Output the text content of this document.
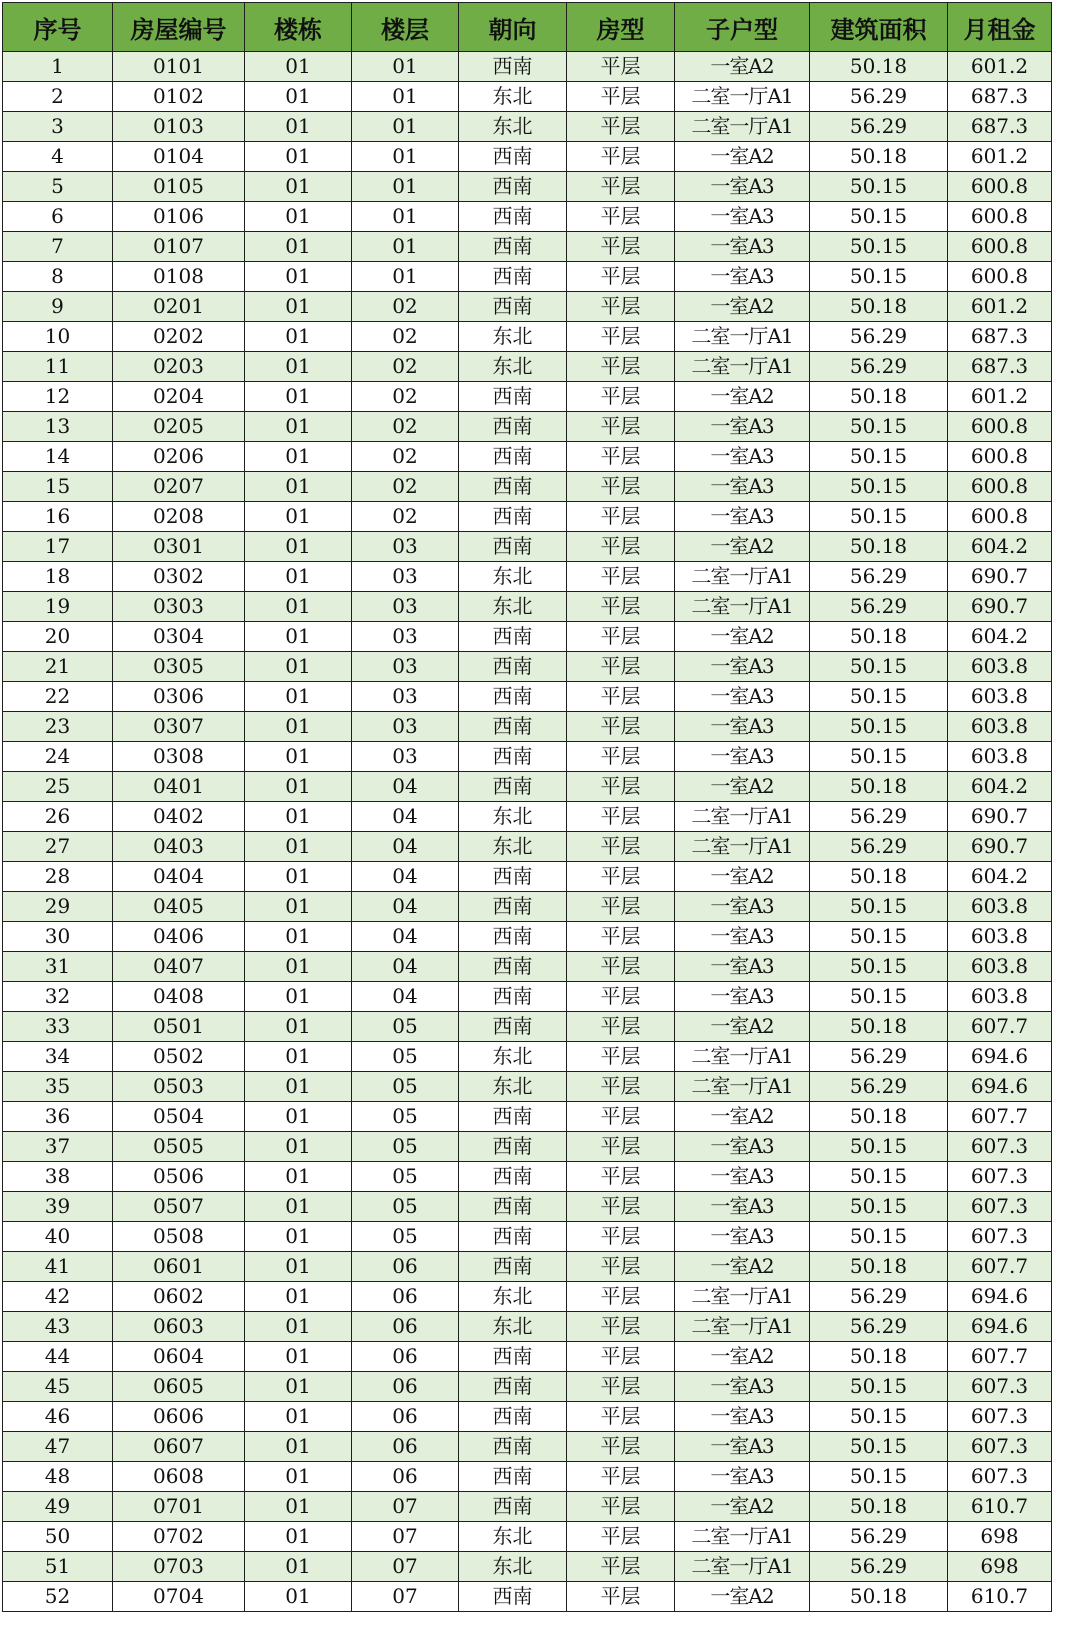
序号	房屋编号	楼栋	楼层	朝向	房型	子户型	建筑面积	月租金
1	0101	01	01	西南	平层	一室A2	50.18	601.2
2	0102	01	01	东北	平层	二室一厅A1	56.29	687.3
3	0103	01	01	东北	平层	二室一厅A1	56.29	687.3
4	0104	01	01	西南	平层	一室A2	50.18	601.2
5	0105	01	01	西南	平层	一室A3	50.15	600.8
6	0106	01	01	西南	平层	一室A3	50.15	600.8
7	0107	01	01	西南	平层	一室A3	50.15	600.8
8	0108	01	01	西南	平层	一室A3	50.15	600.8
9	0201	01	02	西南	平层	一室A2	50.18	601.2
10	0202	01	02	东北	平层	二室一厅A1	56.29	687.3
11	0203	01	02	东北	平层	二室一厅A1	56.29	687.3
12	0204	01	02	西南	平层	一室A2	50.18	601.2
13	0205	01	02	西南	平层	一室A3	50.15	600.8
14	0206	01	02	西南	平层	一室A3	50.15	600.8
15	0207	01	02	西南	平层	一室A3	50.15	600.8
16	0208	01	02	西南	平层	一室A3	50.15	600.8
17	0301	01	03	西南	平层	一室A2	50.18	604.2
18	0302	01	03	东北	平层	二室一厅A1	56.29	690.7
19	0303	01	03	东北	平层	二室一厅A1	56.29	690.7
20	0304	01	03	西南	平层	一室A2	50.18	604.2
21	0305	01	03	西南	平层	一室A3	50.15	603.8
22	0306	01	03	西南	平层	一室A3	50.15	603.8
23	0307	01	03	西南	平层	一室A3	50.15	603.8
24	0308	01	03	西南	平层	一室A3	50.15	603.8
25	0401	01	04	西南	平层	一室A2	50.18	604.2
26	0402	01	04	东北	平层	二室一厅A1	56.29	690.7
27	0403	01	04	东北	平层	二室一厅A1	56.29	690.7
28	0404	01	04	西南	平层	一室A2	50.18	604.2
29	0405	01	04	西南	平层	一室A3	50.15	603.8
30	0406	01	04	西南	平层	一室A3	50.15	603.8
31	0407	01	04	西南	平层	一室A3	50.15	603.8
32	0408	01	04	西南	平层	一室A3	50.15	603.8
33	0501	01	05	西南	平层	一室A2	50.18	607.7
34	0502	01	05	东北	平层	二室一厅A1	56.29	694.6
35	0503	01	05	东北	平层	二室一厅A1	56.29	694.6
36	0504	01	05	西南	平层	一室A2	50.18	607.7
37	0505	01	05	西南	平层	一室A3	50.15	607.3
38	0506	01	05	西南	平层	一室A3	50.15	607.3
39	0507	01	05	西南	平层	一室A3	50.15	607.3
40	0508	01	05	西南	平层	一室A3	50.15	607.3
41	0601	01	06	西南	平层	一室A2	50.18	607.7
42	0602	01	06	东北	平层	二室一厅A1	56.29	694.6
43	0603	01	06	东北	平层	二室一厅A1	56.29	694.6
44	0604	01	06	西南	平层	一室A2	50.18	607.7
45	0605	01	06	西南	平层	一室A3	50.15	607.3
46	0606	01	06	西南	平层	一室A3	50.15	607.3
47	0607	01	06	西南	平层	一室A3	50.15	607.3
48	0608	01	06	西南	平层	一室A3	50.15	607.3
49	0701	01	07	西南	平层	一室A2	50.18	610.7
50	0702	01	07	东北	平层	二室一厅A1	56.29	698
51	0703	01	07	东北	平层	二室一厅A1	56.29	698
52	0704	01	07	西南	平层	一室A2	50.18	610.7
